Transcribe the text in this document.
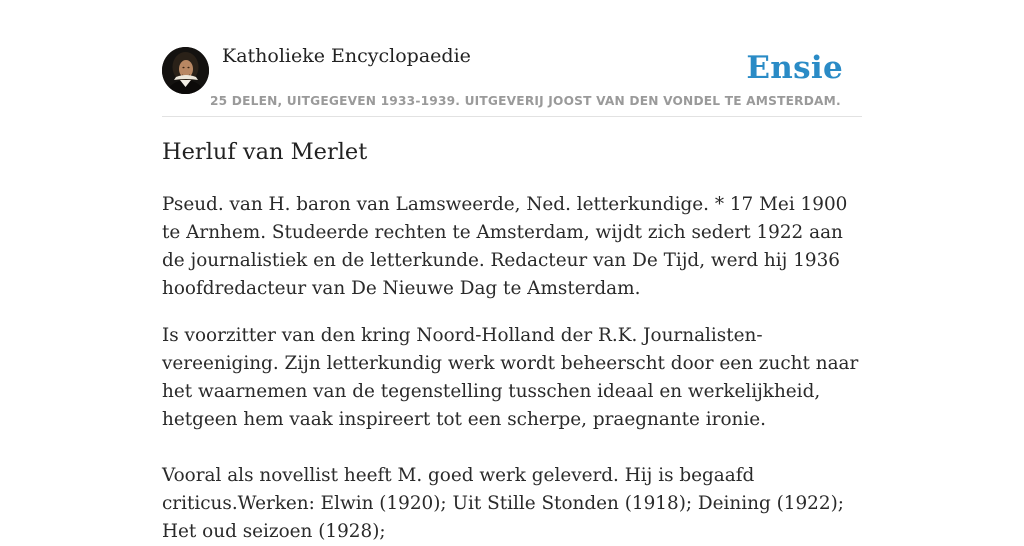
Katholieke Encyclopaedie
25 DELEN, UITGEGEVEN 1933-1939. UITGEVERIJ JOOST VAN DEN VONDEL TE AMSTERDAM.
Ensie
Herluf van Merlet

Pseud. van H. baron van Lamsweerde, Ned. letterkundige. * 17 Mei 1900 te Arnhem. Studeerde rechten te Amsterdam, wijdt zich sedert 1922 aan de journalistiek en de letterkunde. Redacteur van De Tijd, werd hij 1936 hoofdredacteur van De Nieuwe Dag te Amsterdam.

Is voorzitter van den kring Noord-Holland der R.K. Journalisten-vereeniging. Zijn letterkundig werk wordt beheerscht door een zucht naar het waarnemen van de tegenstelling tusschen ideaal en werkelijkheid, hetgeen hem vaak inspireert tot een scherpe, praegnante ironie.

Vooral als novellist heeft M. goed werk geleverd. Hij is begaafd criticus.Werken: Elwin (1920); Uit Stille Stonden (1918); Deining (1922); Het oud seizoen (1928);
